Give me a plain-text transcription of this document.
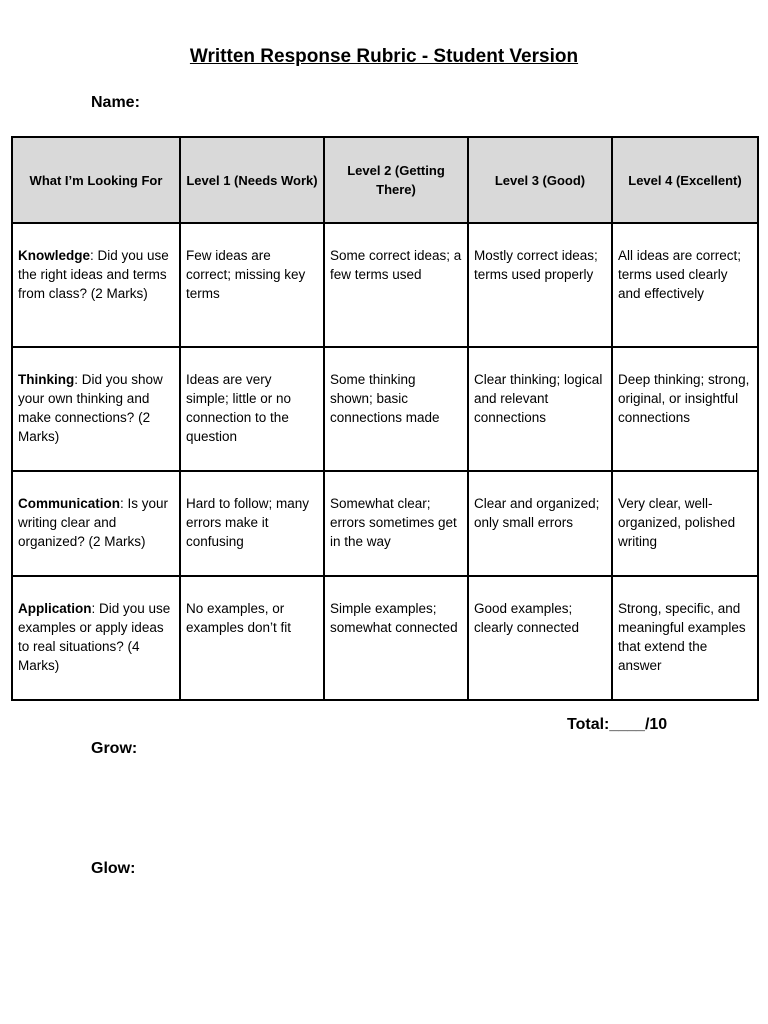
Written Response Rubric - Student Version
Name:
What I’m Looking For	Level 1 (Needs Work)	Level 2 (Getting There)	Level 3 (Good)	Level 4 (Excellent)
Knowledge: Did you use the right ideas and terms from class? (2 Marks)	Few ideas are correct; missing key terms	Some correct ideas; a few terms used	Mostly correct ideas; terms used properly	All ideas are correct; terms used clearly and effectively
Thinking: Did you show your own thinking and make connections? (2 Marks)	Ideas are very simple; little or no connection to the question	Some thinking shown; basic connections made	Clear thinking; logical and relevant connections	Deep thinking; strong, original, or insightful connections
Communication: Is your writing clear and organized? (2 Marks)	Hard to follow; many errors make it confusing	Somewhat clear; errors sometimes get in the way	Clear and organized; only small errors	Very clear, well-organized, polished writing
Application: Did you use examples or apply ideas to real situations? (4 Marks)	No examples, or examples don’t fit	Simple examples; somewhat connected	Good examples; clearly connected	Strong, specific, and meaningful examples that extend the answer
Total:____/10
Grow:
Glow:
